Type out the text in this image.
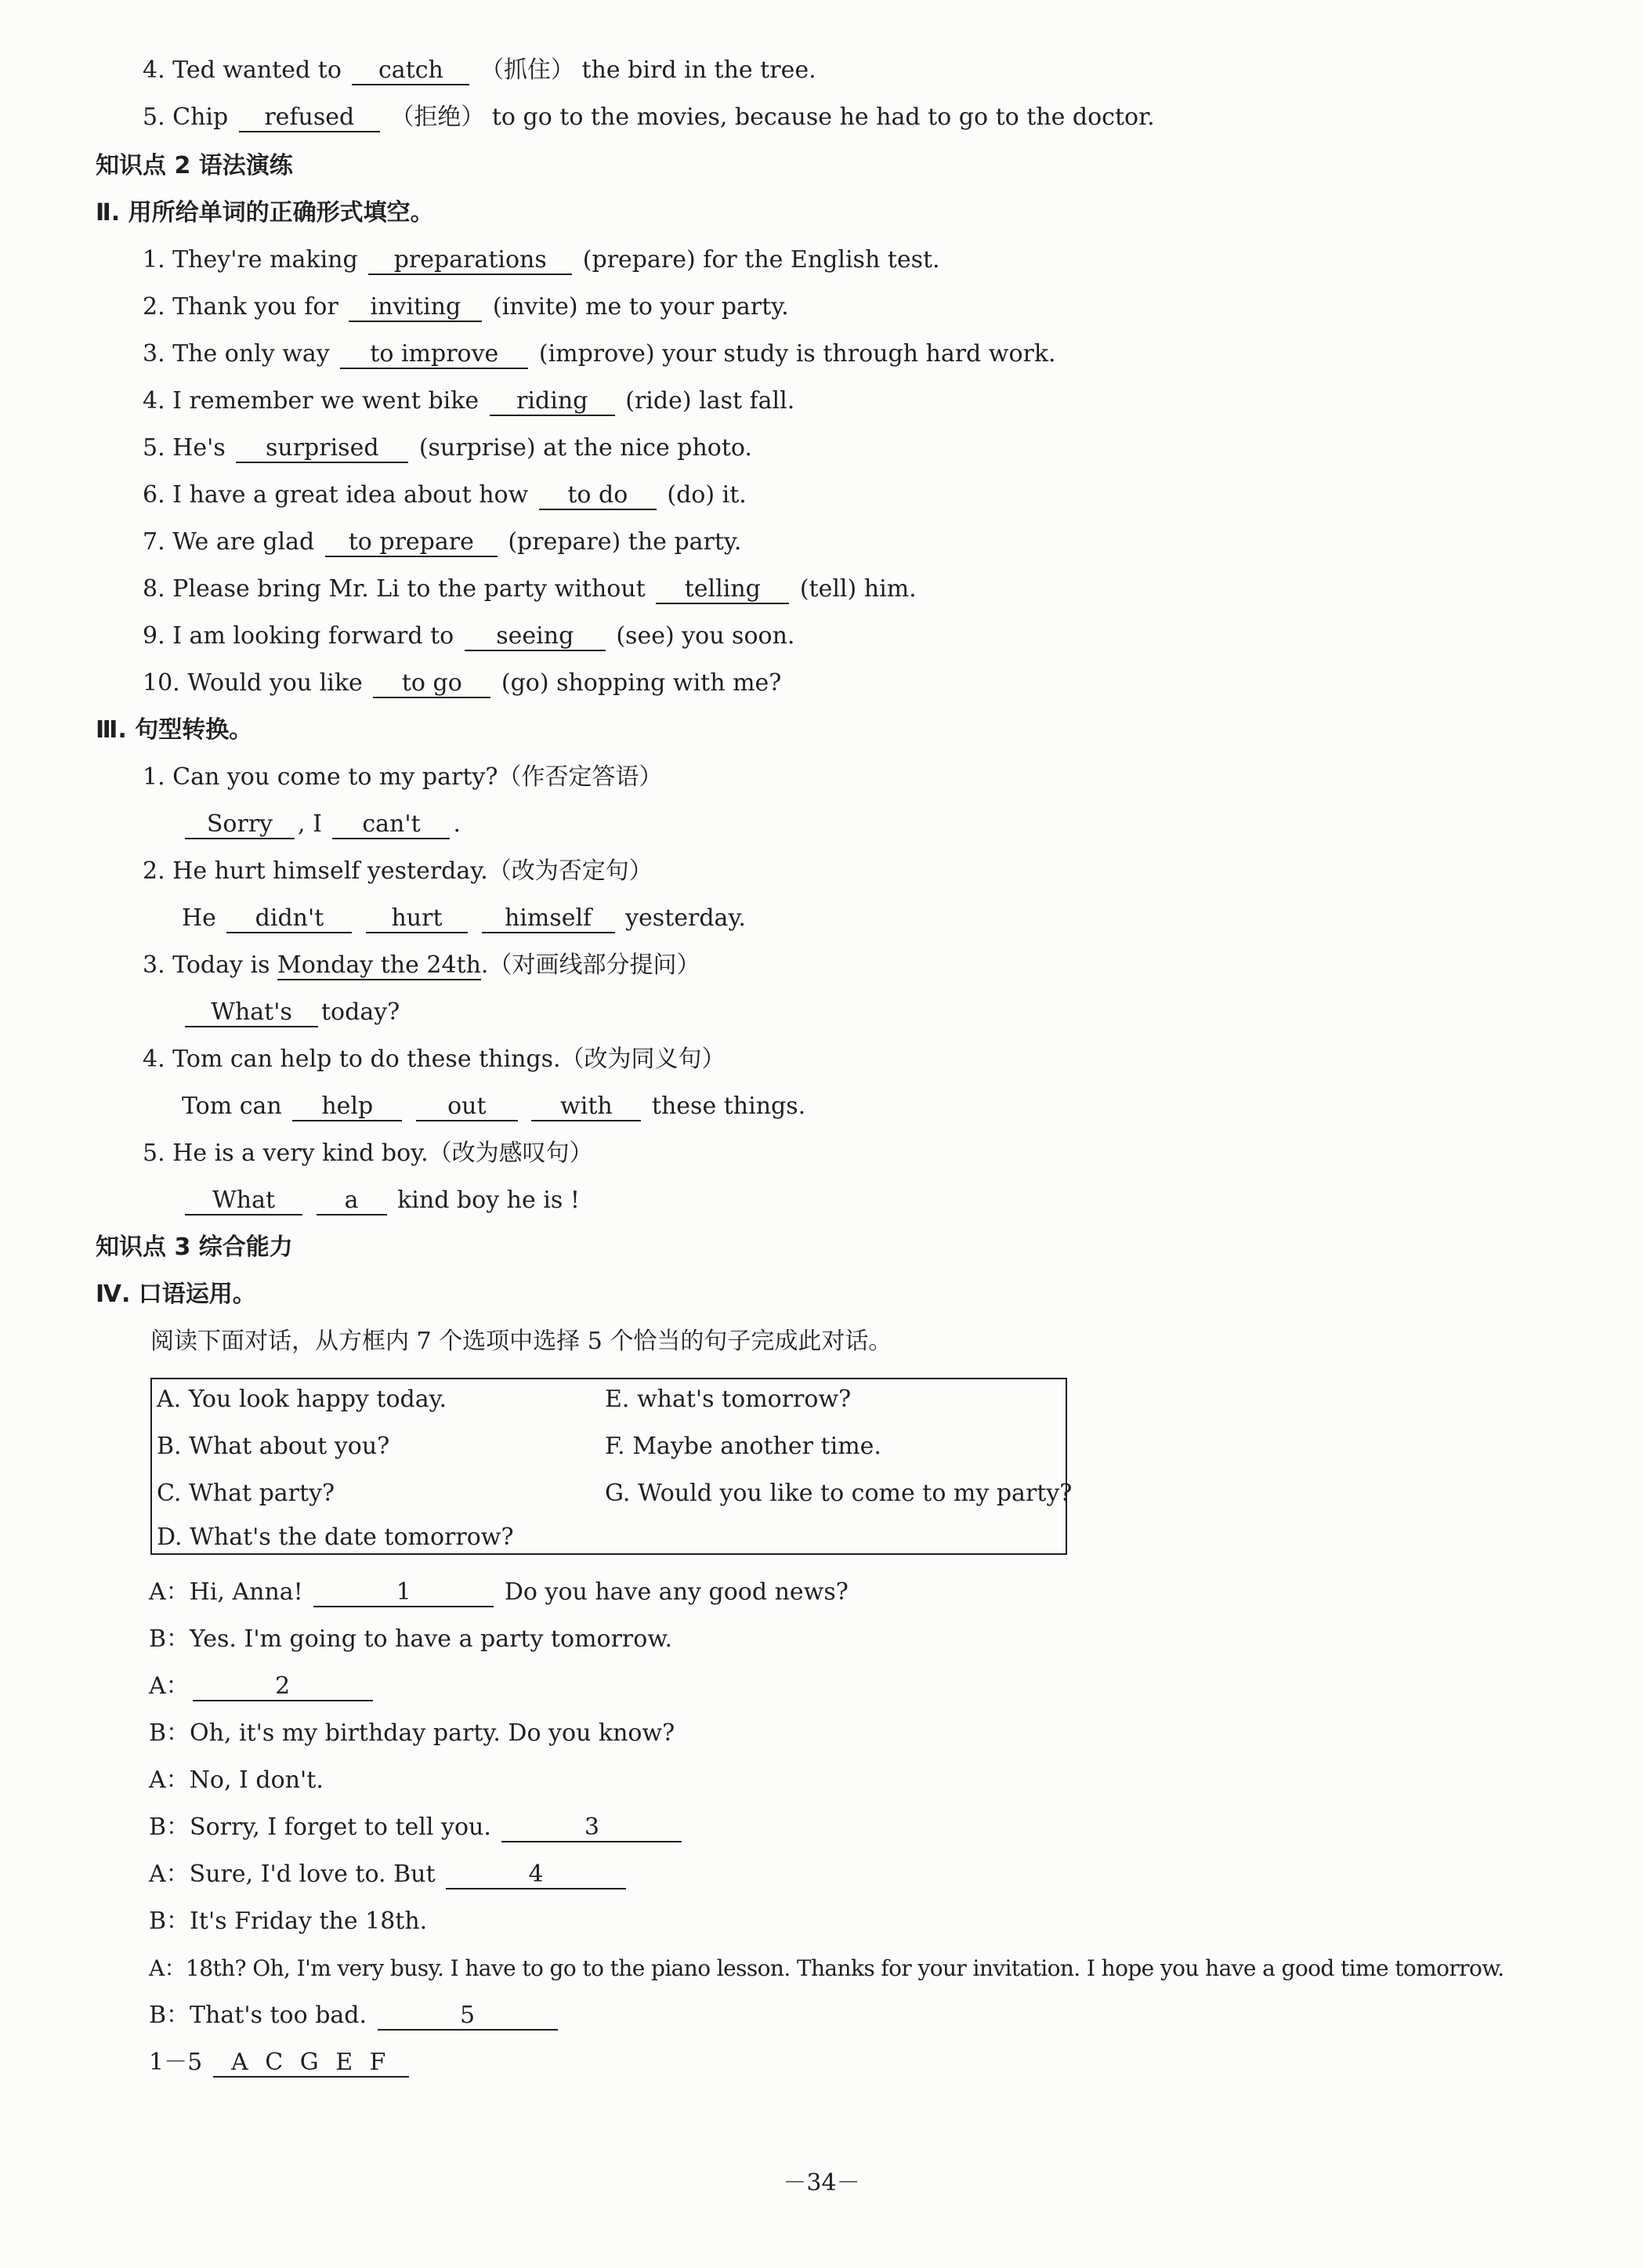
4. Ted wanted to catch （抓住） the bird in the tree.
5. Chip refused （拒绝） to go to the movies, because he had to go to the doctor.
知识点 2 语法演练
Ⅱ. 用所给单词的正确形式填空。
1. They're making preparations (prepare) for the English test.
2. Thank you for inviting (invite) me to your party.
3. The only way to improve (improve) your study is through hard work.
4. I remember we went bike riding (ride) last fall.
5. He's surprised (surprise) at the nice photo.
6. I have a great idea about how to do (do) it.
7. We are glad to prepare (prepare) the party.
8. Please bring Mr. Li to the party without telling (tell) him.
9. I am looking forward to seeing (see) you soon.
10. Would you like to go (go) shopping with me?
Ⅲ. 句型转换。
1. Can you come to my party?（作否定答语）
Sorry , I can't .
2. He hurt himself yesterday.（改为否定句）
He didn't	hurt	himself yesterday.
3. Today is Monday the 24th.（对画线部分提问）
What's today?
4. Tom can help to do these things.（改为同义句）
Tom can help	out	with these things.
5. He is a very kind boy.（改为感叹句）
What	a kind boy he is !
知识点 3 综合能力
Ⅳ. 口语运用。
阅读下面对话，从方框内 7 个选项中选择 5 个恰当的句子完成此对话。
A. You look happy today.
B. What about you?
C. What party?
D. What's the date tomorrow?
E. what's tomorrow?
F. Maybe another time.
G. Would you like to come to my party?
A：Hi, Anna!	1	Do you have any good news?
B：Yes. I'm going to have a party tomorrow.
A：	2
B：Oh, it's my birthday party. Do you know?
A：No, I don't.
B：Sorry, I forget to tell you.	3
A：Sure, I'd love to. But	4
B：It's Friday the 18th.
A：18th? Oh, I'm very busy. I have to go to the piano lesson. Thanks for your invitation. I hope you have a good time tomorrow.
B：That's too bad.	5
1－5 A C G E F
－34－
